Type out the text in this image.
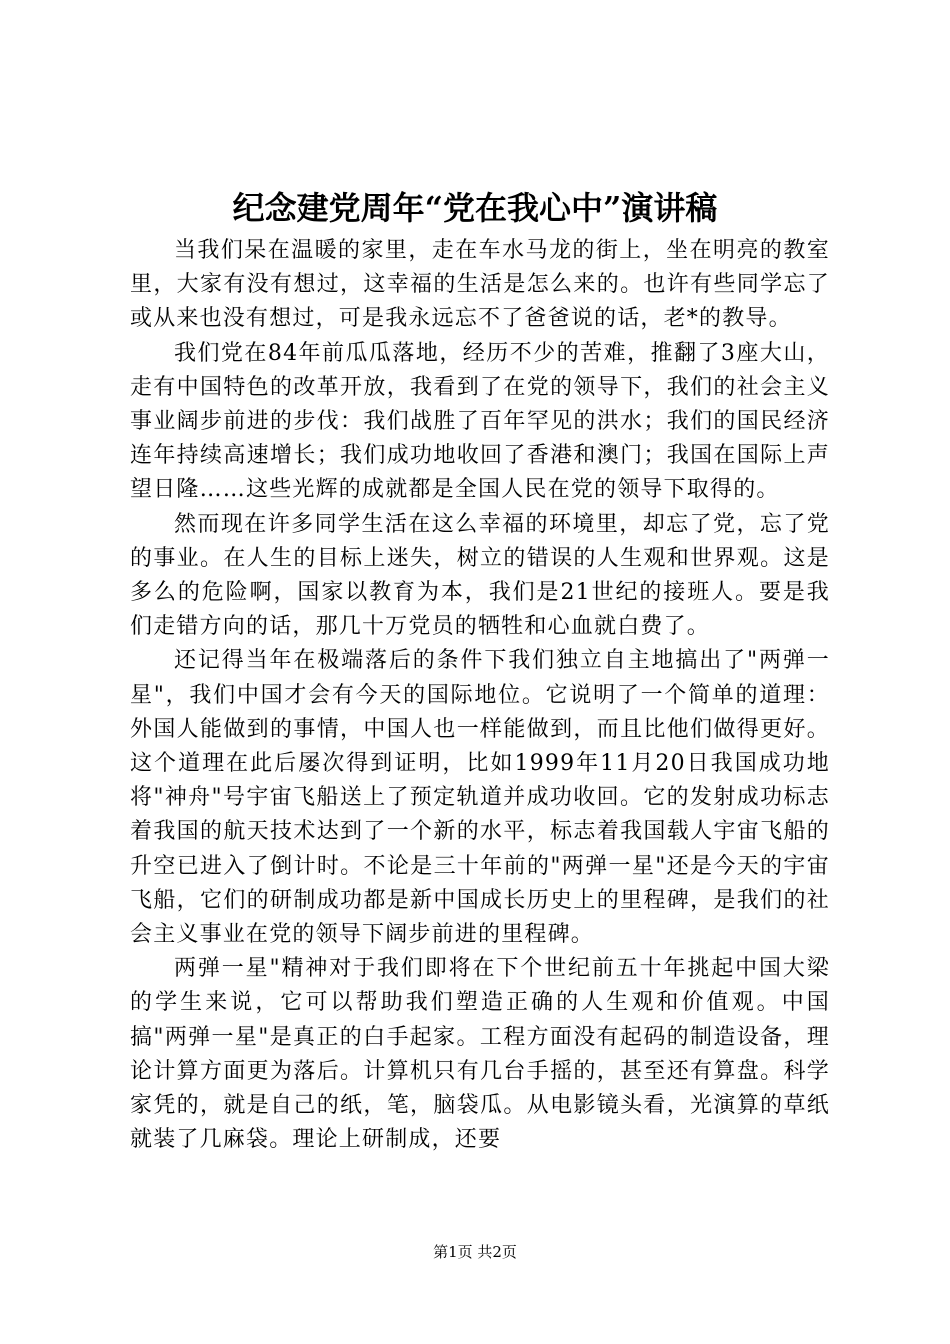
纪念建党周年“党在我心中”演讲稿

当我们呆在温暖的家里，走在车水马龙的街上，坐在明亮的教室里，大家有没有想过，这幸福的生活是怎么来的。也许有些同学忘了或从来也没有想过，可是我永远忘不了爸爸说的话，老*的教导。

我们党在84年前瓜瓜落地，经历不少的苦难，推翻了3座大山，走有中国特色的改革开放，我看到了在党的领导下，我们的社会主义事业阔步前进的步伐：我们战胜了百年罕见的洪水；我们的国民经济连年持续高速增长；我们成功地收回了香港和澳门；我国在国际上声望日隆……这些光辉的成就都是全国人民在党的领导下取得的。

然而现在许多同学生活在这么幸福的环境里，却忘了党，忘了党的事业。在人生的目标上迷失，树立的错误的人生观和世界观。这是多么的危险啊，国家以教育为本，我们是21世纪的接班人。要是我们走错方向的话，那几十万党员的牺牲和心血就白费了。

还记得当年在极端落后的条件下我们独立自主地搞出了"两弹一星"，我们中国才会有今天的国际地位。它说明了一个简单的道理：外国人能做到的事情，中国人也一样能做到，而且比他们做得更好。这个道理在此后屡次得到证明，比如1999年11月20日我国成功地将"神舟"号宇宙飞船送上了预定轨道并成功收回。它的发射成功标志着我国的航天技术达到了一个新的水平，标志着我国载人宇宙飞船的升空已进入了倒计时。不论是三十年前的"两弹一星"还是今天的宇宙飞船，它们的研制成功都是新中国成长历史上的里程碑，是我们的社会主义事业在党的领导下阔步前进的里程碑。

两弹一星"精神对于我们即将在下个世纪前五十年挑起中国大梁的学生来说，它可以帮助我们塑造正确的人生观和价值观。中国搞"两弹一星"是真正的白手起家。工程方面没有起码的制造设备，理论计算方面更为落后。计算机只有几台手摇的，甚至还有算盘。科学家凭的，就是自己的纸，笔，脑袋瓜。从电影镜头看，光演算的草纸就装了几麻袋。理论上研制成，还要

第1页 共2页
